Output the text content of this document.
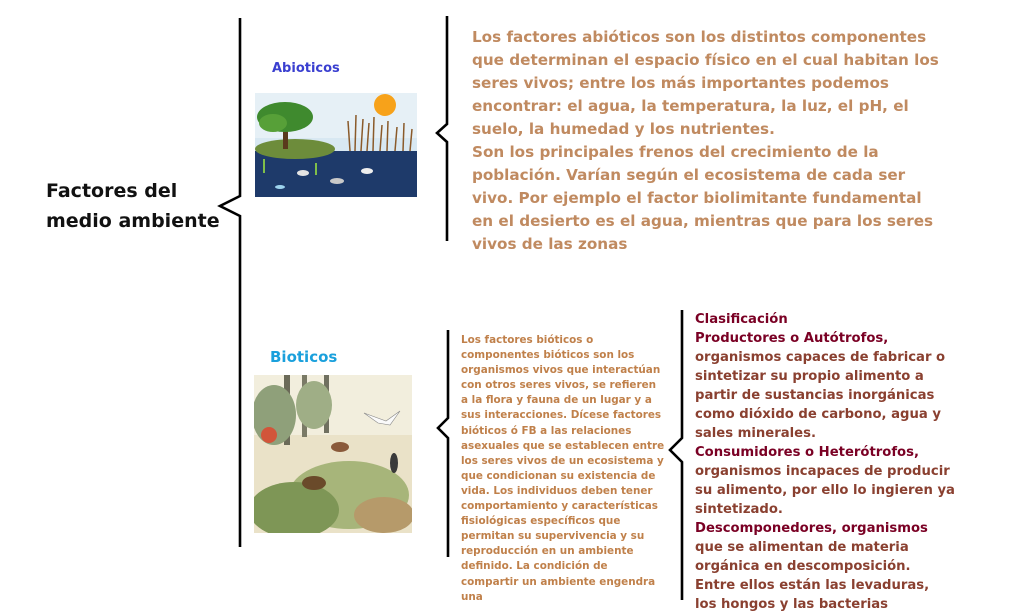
Factores del medio ambiente
Abioticos
Los factores abióticos son los distintos componentes que determinan el espacio físico en el cual habitan los seres vivos; entre los más importantes podemos encontrar: el agua, la temperatura, la luz, el pH, el suelo, la humedad y los nutrientes.
Son los principales frenos del crecimiento de la población. Varían según el ecosistema de cada ser vivo. Por ejemplo el factor biolimitante fundamental en el desierto es el agua, mientras que para los seres vivos de las zonas
Bioticos
Los factores bióticos o componentes bióticos son los organismos vivos que interactúan con otros seres vivos, se refieren a la flora y fauna de un lugar y a sus interacciones. Dícese factores bióticos ó FB a las relaciones asexuales que se establecen entre los seres vivos de un ecosistema y que condicionan su existencia de vida. Los individuos deben tener comportamiento y características fisiológicas específicos que permitan su supervivencia y su reproducción en un ambiente definido. La condición de compartir un ambiente engendra una
Clasificación
Productores o Autótrofos,
organismos capaces de fabricar o sintetizar su propio alimento a partir de sustancias inorgánicas como dióxido de carbono, agua y sales minerales.
Consumidores o Heterótrofos,
organismos incapaces de producir su alimento, por ello lo ingieren ya sintetizado.
Descomponedores, organismos
que se alimentan de materia orgánica en descomposición. Entre ellos están las levaduras,
los hongos y las bacterias
